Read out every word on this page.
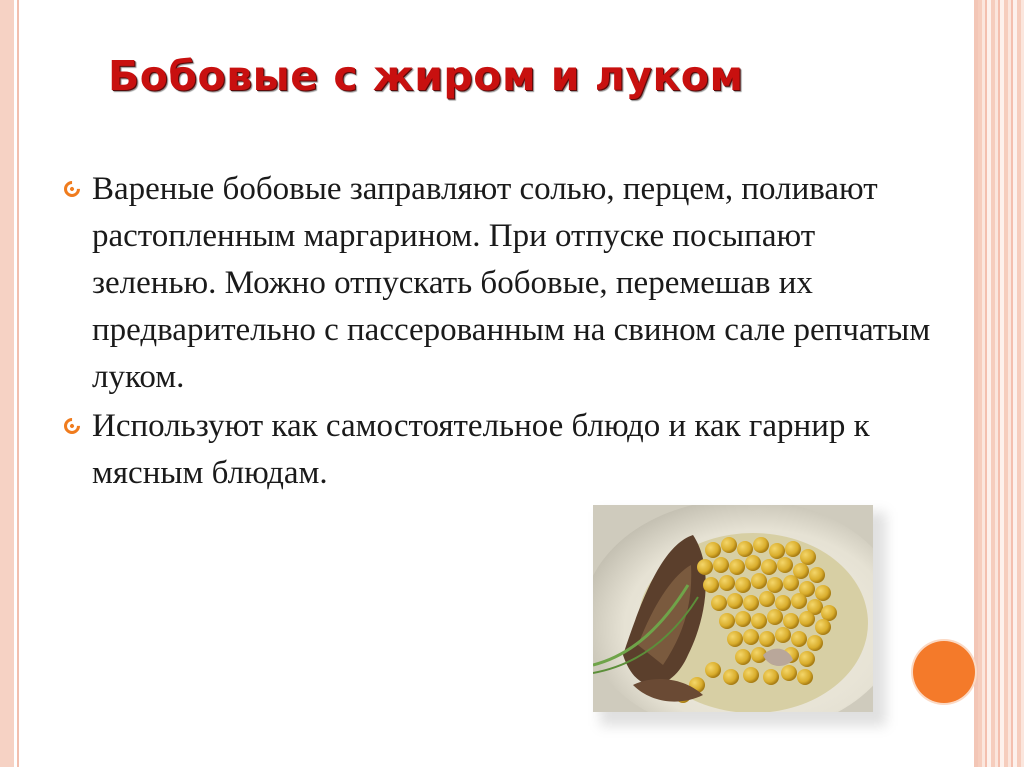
Бобовые с жиром и луком
Вареные бобовые заправляют солью, перцем, поливают растопленным маргарином. При отпуске посыпают зеленью. Можно отпускать бобовые, перемешав их предварительно с пассерованным на свином сале репчатым луком.
Используют как самостоятельное блюдо и как гарнир к мясным блюдам.
